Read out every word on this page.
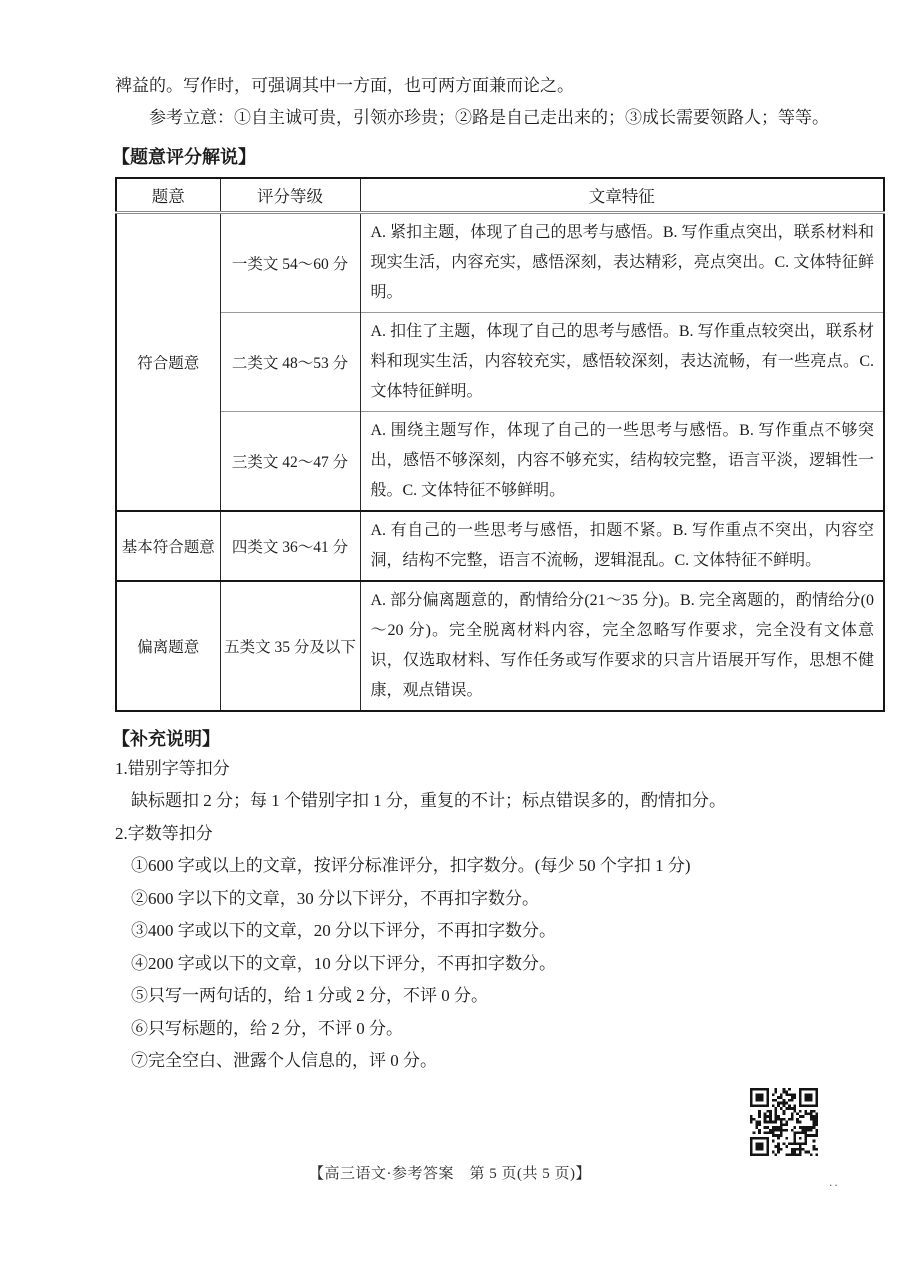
裨益的。写作时，可强调其中一方面，也可两方面兼而论之。

参考立意：①自主诚可贵，引领亦珍贵；②路是自己走出来的；③成长需要领路人；等等。

【题意评分解说】
题意	评分等级	文章特征
符合题意	一类文 54～60 分	A. 紧扣主题，体现了自己的思考与感悟。B. 写作重点突出，联系材料和现实生活，内容充实，感悟深刻，表达精彩，亮点突出。C. 文体特征鲜明。
	二类文 48～53 分	A. 扣住了主题，体现了自己的思考与感悟。B. 写作重点较突出，联系材料和现实生活，内容较充实，感悟较深刻，表达流畅，有一些亮点。C. 文体特征鲜明。
	三类文 42～47 分	A. 围绕主题写作，体现了自己的一些思考与感悟。B. 写作重点不够突出，感悟不够深刻，内容不够充实，结构较完整，语言平淡，逻辑性一般。C. 文体特征不够鲜明。
基本符合题意	四类文 36～41 分	A. 有自己的一些思考与感悟，扣题不紧。B. 写作重点不突出，内容空洞，结构不完整，语言不流畅，逻辑混乱。C. 文体特征不鲜明。
偏离题意	五类文 35 分及以下	A. 部分偏离题意的，酌情给分(21～35 分)。B. 完全离题的，酌情给分(0～20 分)。完全脱离材料内容，完全忽略写作要求，完全没有文体意识，仅选取材料、写作任务或写作要求的只言片语展开写作，思想不健康，观点错误。
【补充说明】

1.错别字等扣分

缺标题扣 2 分；每 1 个错别字扣 1 分，重复的不计；标点错误多的，酌情扣分。

2.字数等扣分

①600 字或以上的文章，按评分标准评分，扣字数分。(每少 50 个字扣 1 分)

②600 字以下的文章，30 分以下评分，不再扣字数分。

③400 字或以下的文章，20 分以下评分，不再扣字数分。

④200 字或以下的文章，10 分以下评分，不再扣字数分。

⑤只写一两句话的，给 1 分或 2 分，不评 0 分。

⑥只写标题的，给 2 分，不评 0 分。

⑦完全空白、泄露个人信息的，评 0 分。

【高三语文·参考答案　第 5 页(共 5 页)】
..
